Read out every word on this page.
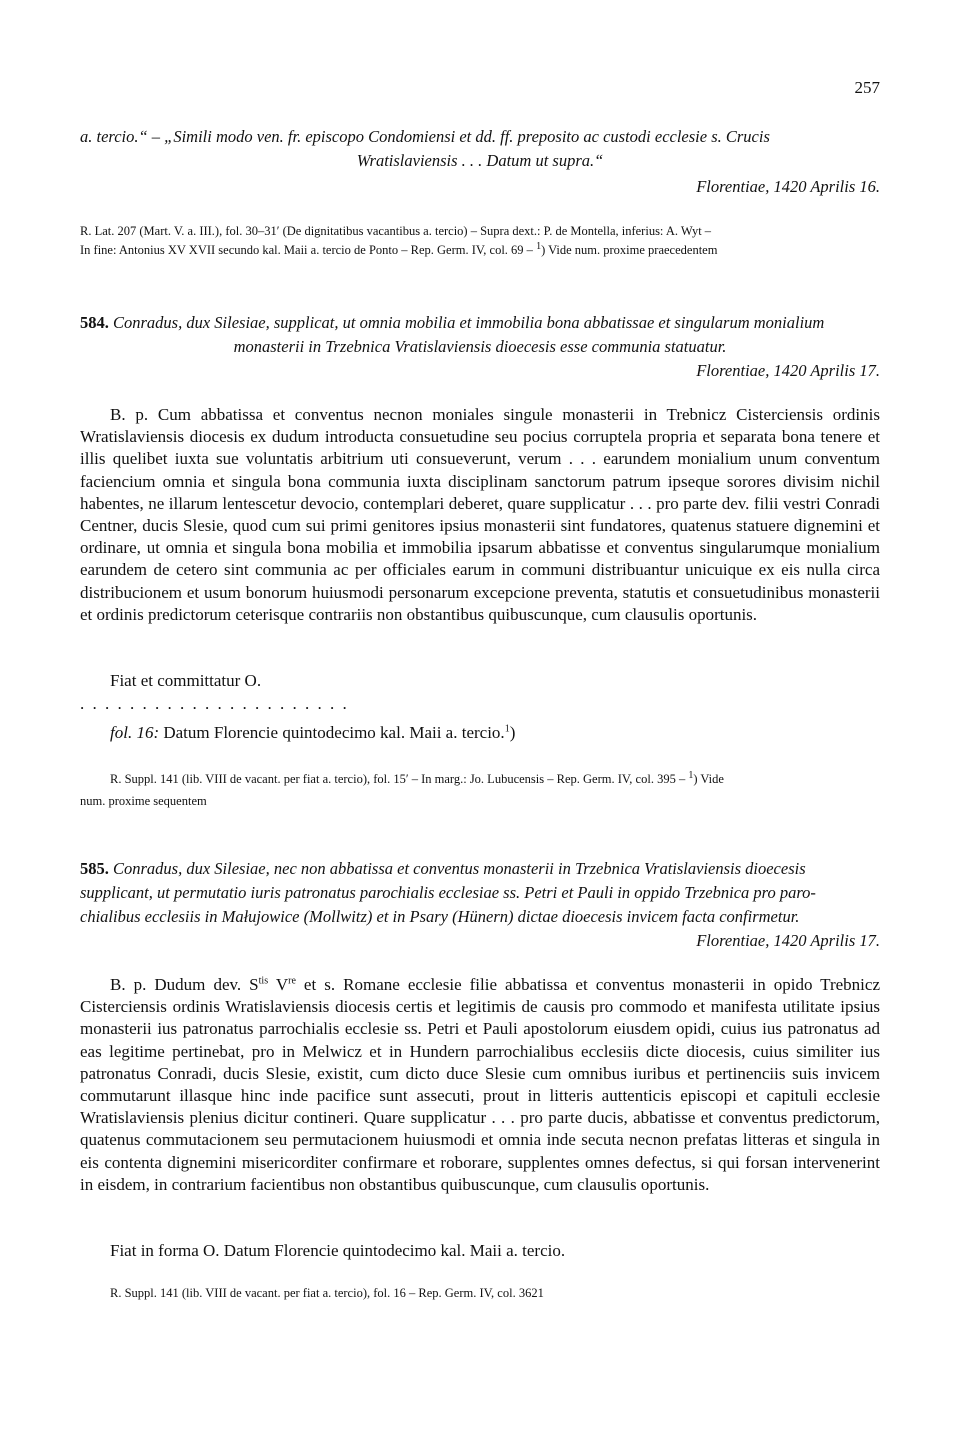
257
a. tercio.“ – „Simili modo ven. fr. episcopo Condomiensi et dd. ff. preposito ac custodi ecclesie s. Crucis
Wratislaviensis . . . Datum ut supra.“
Florentiae, 1420 Aprilis 16.
R. Lat. 207 (Mart. V. a. III.), fol. 30–31′ (De dignitatibus vacantibus a. tercio) – Supra dext.: P. de Montella, inferius: A. Wyt –
In fine: Antonius XV XVII secundo kal. Maii a. tercio de Ponto – Rep. Germ. IV, col. 69 – $^1$) Vide num. proxime praecedentem
584. Conradus, dux Silesiae, supplicat, ut omnia mobilia et immobilia bona abbatissae et singularum monialium
monasterii in Trzebnica Vratislaviensis dioecesis esse communia statuatur.
Florentiae, 1420 Aprilis 17.
B. p. Cum abbatissa et conventus necnon moniales singule monasterii in Trebnicz Cisterciensis ordinis Wratislaviensis diocesis ex dudum introducta consuetudine seu pocius corruptela propria et separata bona tenere et illis quelibet iuxta sue voluntatis arbitrium uti consueverunt, verum . . . earundem monialium unum conventum faciencium omnia et singula bona communia iuxta disciplinam sanctorum patrum ipseque sorores divisim nichil habentes, ne illarum lentescetur devocio, contemplari deberet, quare supplicatur . . . pro parte dev. filii vestri Conradi Centner, ducis Slesie, quod cum sui primi genitores ipsius monasterii sint fundatores, quatenus statuere dignemini et ordinare, ut omnia et singula bona mobilia et immobilia ipsarum abbatisse et conventus singularumque monialium earundem de cetero sint communia ac per officiales earum in communi distribuantur unicuique ex eis nulla circa distribucionem et usum bonorum huiusmodi personarum excepcione preventa, statutis et consuetudinibus monasterii et ordinis predictorum ceterisque contrariis non obstantibus quibuscunque, cum clausulis oportunis.
Fiat et committatur O.
. . . . . . . . . . . . . . . . . . . . . .
fol. 16: Datum Florencie quintodecimo kal. Maii a. tercio.$^1$)
R. Suppl. 141 (lib. VIII de vacant. per fiat a. tercio), fol. 15′ – In marg.: Jo. Lubucensis – Rep. Germ. IV, col. 395 – $^1$) Vide
num. proxime sequentem
585. Conradus, dux Silesiae, nec non abbatissa et conventus monasterii in Trzebnica Vratislaviensis dioecesis
supplicant, ut permutatio iuris patronatus parochialis ecclesiae ss. Petri et Pauli in oppido Trzebnica pro paro-
chialibus ecclesiis in Małujowice (Mollwitz) et in Psary (Hünern) dictae dioecesis invicem facta confirmetur.
Florentiae, 1420 Aprilis 17.
B. p. Dudum dev. $S^{tis}$ Vre et s. Romane ecclesie filie abbatissa et conventus monasterii in opido Trebnicz Cisterciensis ordinis Wratislaviensis diocesis certis et legitimis de causis pro commodo et manifesta utilitate ipsius monasterii ius patronatus parrochialis ecclesie ss. Petri et Pauli apostolorum eiusdem opidi, cuius ius patronatus ad eas legitime pertinebat, pro in Melwicz et in Hundern parrochialibus ecclesiis dicte diocesis, cuius similiter ius patronatus Conradi, ducis Slesie, existit, cum dicto duce Slesie cum omnibus iuribus et pertinenciis suis invicem commutarunt illasque hinc inde pacifice sunt assecuti, prout in litteris auttenticis episcopi et capituli ecclesie Wratislaviensis plenius dicitur contineri. Quare supplicatur . . . pro parte ducis, abbatisse et conventus predictorum, quatenus commutacionem seu permutacionem huiusmodi et omnia inde secuta necnon prefatas litteras et singula in eis contenta dignemini misericorditer confirmare et roborare, supplentes omnes defectus, si qui forsan intervenerint in eisdem, in contrarium facientibus non obstantibus quibuscunque, cum clausulis oportunis.
Fiat in forma O. Datum Florencie quintodecimo kal. Maii a. tercio.
R. Suppl. 141 (lib. VIII de vacant. per fiat a. tercio), fol. 16 – Rep. Germ. IV, col. 3621
